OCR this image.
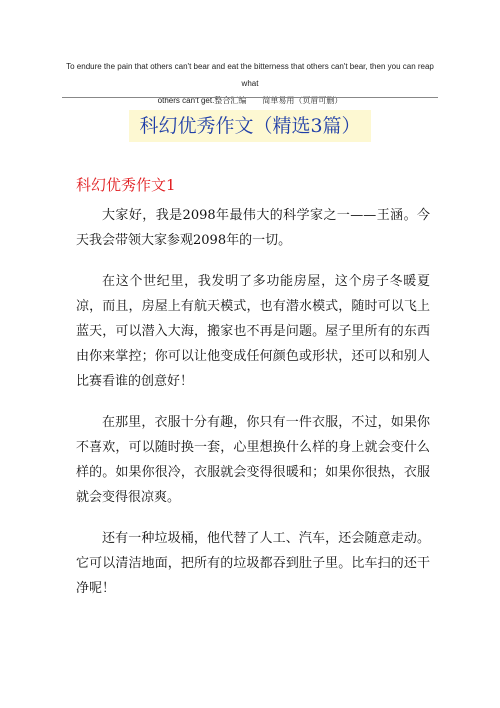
To endure the pain that others can't bear and eat the bitterness that others can't bear, then you can reap what
others can't get.整合汇编　　简单易用（页眉可删）
科幻优秀作文（精选3篇）
科幻优秀作文1

大家好，我是2098年最伟大的科学家之一——王涵。今天我会带领大家参观2098年的一切。

在这个世纪里，我发明了多功能房屋，这个房子冬暖夏凉，而且，房屋上有航天模式，也有潜水模式，随时可以飞上蓝天，可以潜入大海，搬家也不再是问题。屋子里所有的东西由你来掌控；你可以让他变成任何颜色或形状，还可以和别人比赛看谁的创意好！

在那里，衣服十分有趣，你只有一件衣服，不过，如果你不喜欢，可以随时换一套，心里想换什么样的身上就会变什么样的。如果你很冷，衣服就会变得很暖和；如果你很热，衣服就会变得很凉爽。

还有一种垃圾桶，他代替了人工、汽车，还会随意走动。它可以清洁地面，把所有的垃圾都吞到肚子里。比车扫的还干净呢！
